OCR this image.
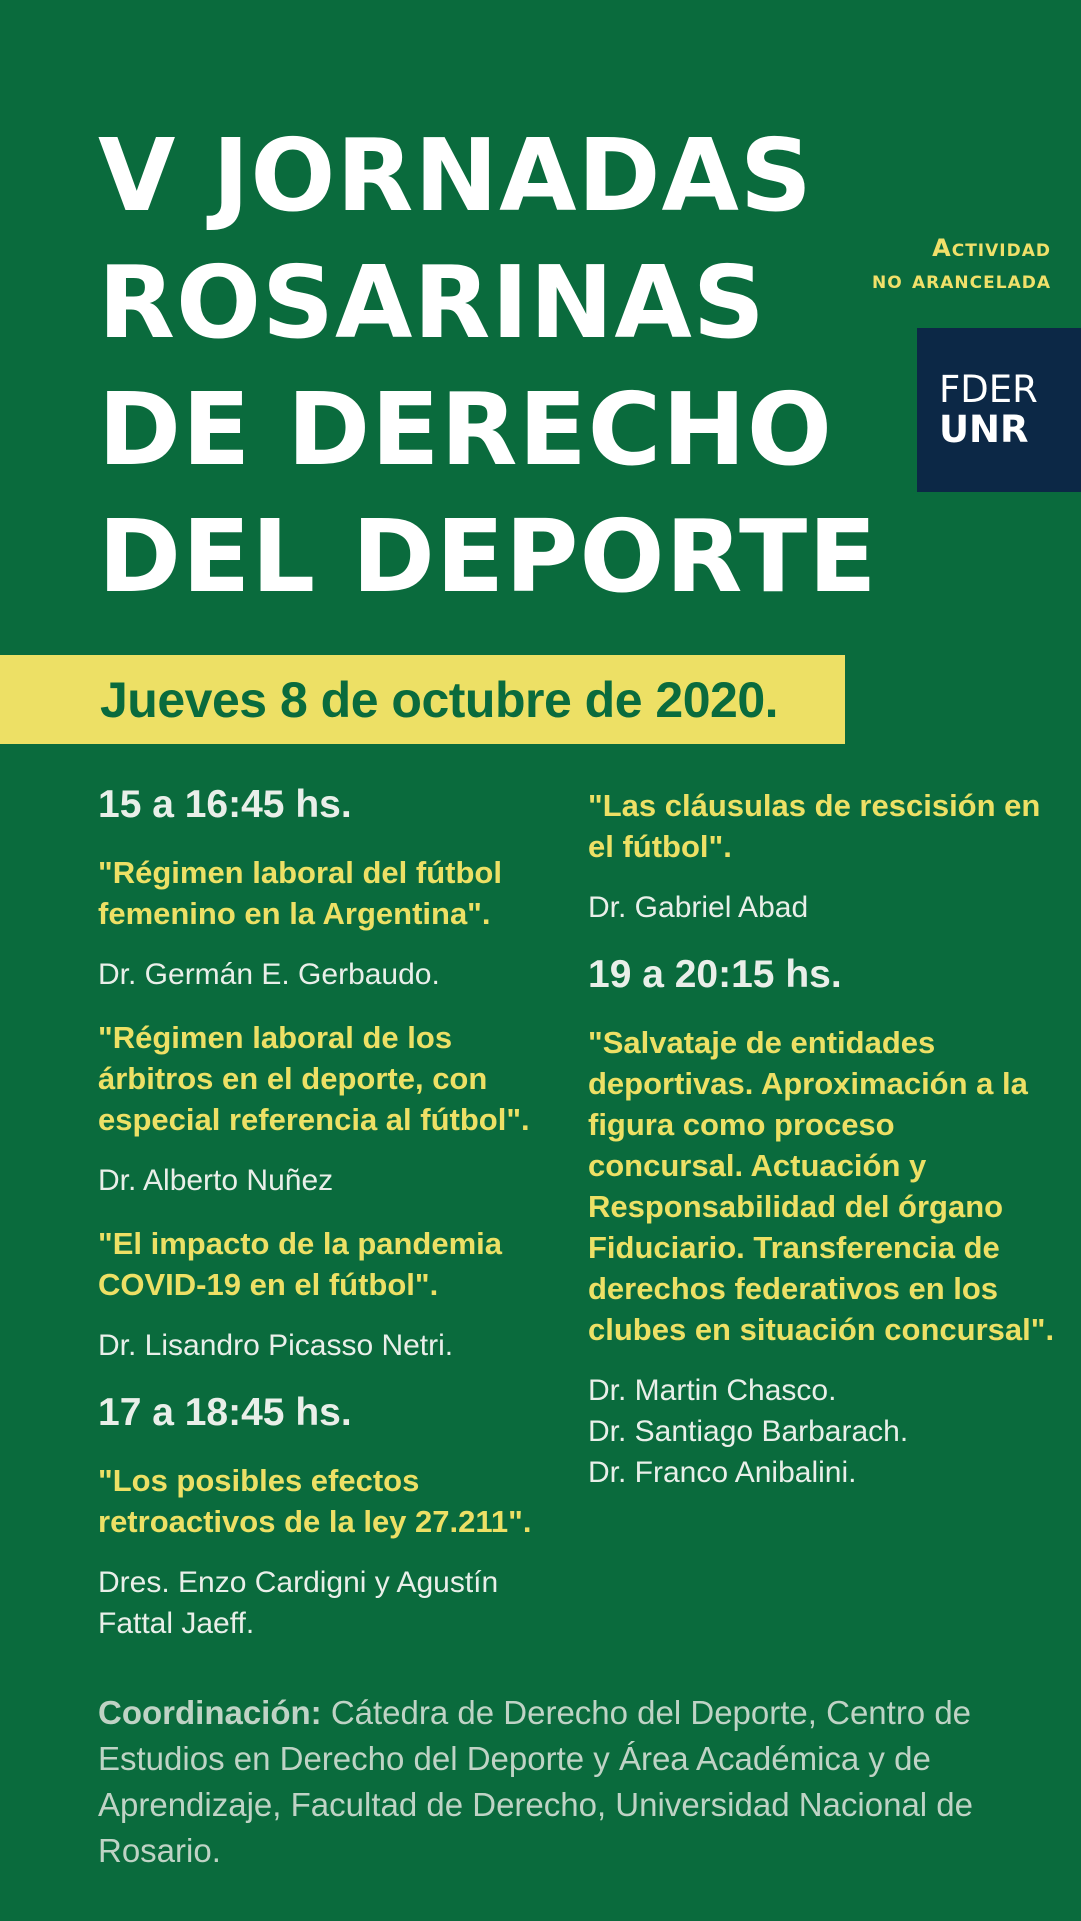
V JORNADAS
ROSARINAS
DE DERECHO
DEL DEPORTE
Actividad
no arancelada
FDER
UNR
Jueves 8 de octubre de 2020.
15 a 16:45 hs.
"Régimen laboral del fútbol femenino en la Argentina".
Dr. Germán E. Gerbaudo.
"Régimen laboral de los árbitros en el deporte, con especial referencia al fútbol".
Dr. Alberto Nuñez
"El impacto de la pandemia COVID-19 en el fútbol".
Dr. Lisandro Picasso Netri.
17 a 18:45 hs.
"Los posibles efectos retroactivos de la ley 27.211".
Dres. Enzo Cardigni y Agustín Fattal Jaeff.
"Las cláusulas de rescisión en el fútbol".
Dr. Gabriel Abad
19 a 20:15 hs.
"Salvataje de entidades deportivas. Aproximación a la figura como proceso concursal. Actuación y Responsabilidad del órgano Fiduciario. Transferencia de derechos federativos en los clubes en situación concursal".
Dr. Martin Chasco.
Dr. Santiago Barbarach.
Dr. Franco Anibalini.
Coordinación: Cátedra de Derecho del Deporte, Centro de Estudios en Derecho del Deporte y Área Académica y de Aprendizaje, Facultad de Derecho, Universidad Nacional de Rosario.
